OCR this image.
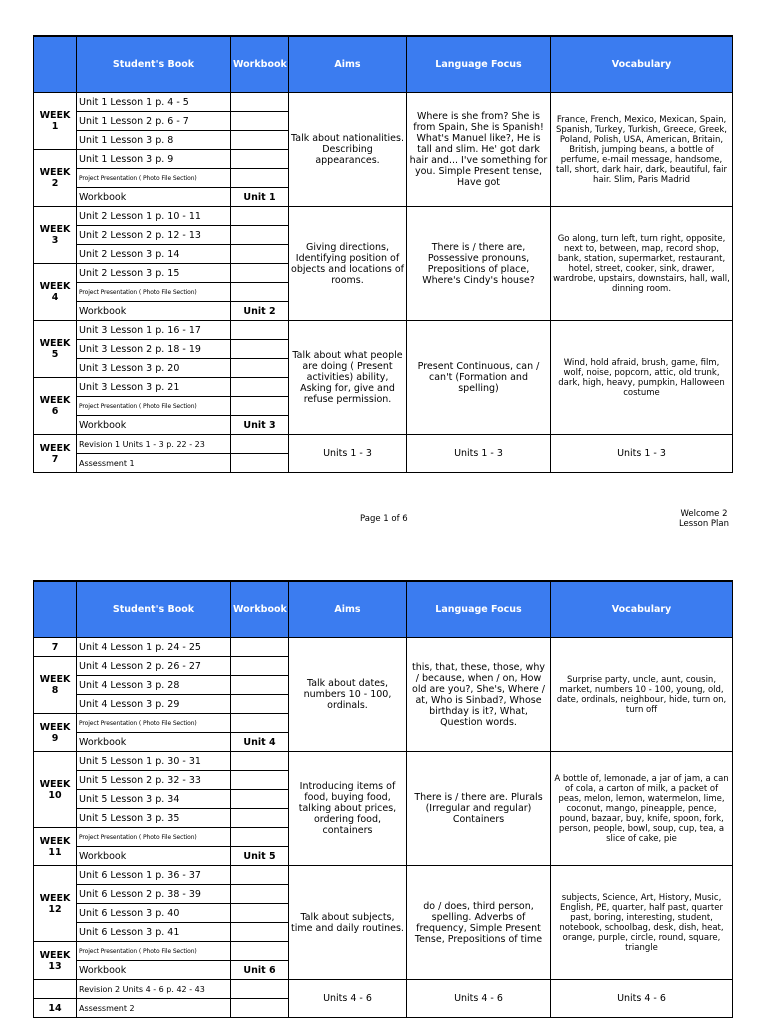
	Student's Book	Workbook	Aims	Language Focus	Vocabulary
WEEK 1	Unit 1 Lesson 1 p. 4 - 5		Talk about nationalities. Describing appearances.	Where is she from? She is from Spain, She is Spanish! What's Manuel like?, He is tall and slim. He' got dark hair and... I've something for you. Simple Present tense, Have got	France, French, Mexico, Mexican, Spain, Spanish, Turkey, Turkish, Greece, Greek, Poland, Polish, USA, American, Britain, British, jumping beans, a bottle of perfume, e-mail message, handsome, tall, short, dark hair, dark, beautiful, fair hair. Slim, Paris Madrid
	Unit 1 Lesson 2 p. 6 - 7				
	Unit 1 Lesson 3 p. 8				
WEEK 2	Unit 1 Lesson 3 p. 9				
	Project Presentation ( Photo File Section)				
	Workbook	Unit 1			
WEEK 3	Unit 2 Lesson 1 p. 10 - 11		Giving directions, Identifying position of objects and locations of rooms.	There is / there are, Possessive pronouns, Prepositions of place, Where's Cindy's house?	Go along, turn left, turn right, opposite, next to, between, map, record shop, bank, station, supermarket, restaurant, hotel, street, cooker, sink, drawer, wardrobe, upstairs, downstairs, hall, wall, dinning room.
	Unit 2 Lesson 2 p. 12 - 13				
	Unit 2 Lesson 3 p. 14				
WEEK 4	Unit 2 Lesson 3 p. 15				
	Project Presentation ( Photo File Section)				
	Workbook	Unit 2			
WEEK 5	Unit 3 Lesson 1 p. 16 - 17		Talk about what people are doing ( Present activities) ability, Asking for, give and refuse permission.	Present Continuous, can / can't (Formation and spelling)	Wind, hold afraid, brush, game, film, wolf, noise, popcorn, attic, old trunk, dark, high, heavy, pumpkin, Halloween costume
	Unit 3 Lesson 2 p. 18 - 19				
	Unit 3 Lesson 3 p. 20				
WEEK 6	Unit 3 Lesson 3 p. 21				
	Project Presentation ( Photo File Section)				
	Workbook	Unit 3			
WEEK 7	Revision 1 Units 1 - 3 p. 22 - 23		Units 1 - 3	Units 1 - 3	Units 1 - 3
	Assessment 1				
Page 1 of 6	Welcome 2
Lesson Plan
	Student's Book	Workbook	Aims	Language Focus	Vocabulary
7	Unit 4 Lesson 1 p. 24 - 25		Talk about dates, numbers 10 - 100, ordinals.	this, that, these, those, why / because, when / on, How old are you?, She's, Where / at, Who is Sinbad?, Whose birthday is it?, What, Question words.	Surprise party, uncle, aunt, cousin, market, numbers 10 - 100, young, old, date, ordinals, neighbour, hide, turn on, turn off
WEEK 8	Unit 4 Lesson 2 p. 26 - 27				
	Unit 4 Lesson 3 p. 28				
	Unit 4 Lesson 3 p. 29				
WEEK 9	Project Presentation ( Photo File Section)				
	Workbook	Unit 4			
WEEK 10	Unit 5 Lesson 1 p. 30 - 31		Introducing items of food, buying food, talking about prices, ordering food, containers	There is / there are. Plurals (Irregular and regular) Containers	A bottle of, lemonade, a jar of jam, a can of cola, a carton of milk, a packet of peas, melon, lemon, watermelon, lime, coconut, mango, pineapple, pence, pound, bazaar, buy, knife, spoon, fork, person, people, bowl, soup, cup, tea, a slice of cake, pie
	Unit 5 Lesson 2 p. 32 - 33				
	Unit 5 Lesson 3 p. 34				
	Unit 5 Lesson 3 p. 35				
WEEK 11	Project Presentation ( Photo File Section)				
	Workbook	Unit 5			
WEEK 12	Unit 6 Lesson 1 p. 36 - 37		Talk about subjects, time and daily routines.	do / does, third person, spelling. Adverbs of frequency, Simple Present Tense, Prepositions of time	subjects, Science, Art, History, Music, English, PE, quarter, half past, quarter past, boring, interesting, student, notebook, schoolbag, desk, dish, heat, orange, purple, circle, round, square, triangle
	Unit 6 Lesson 2 p. 38 - 39				
	Unit 6 Lesson 3 p. 40				
	Unit 6 Lesson 3 p. 41				
WEEK 13	Project Presentation ( Photo File Section)				
	Workbook	Unit 6			
	Revision 2 Units 4 - 6 p. 42 - 43		Units 4 - 6	Units 4 - 6	Units 4 - 6
14	Assessment 2				
